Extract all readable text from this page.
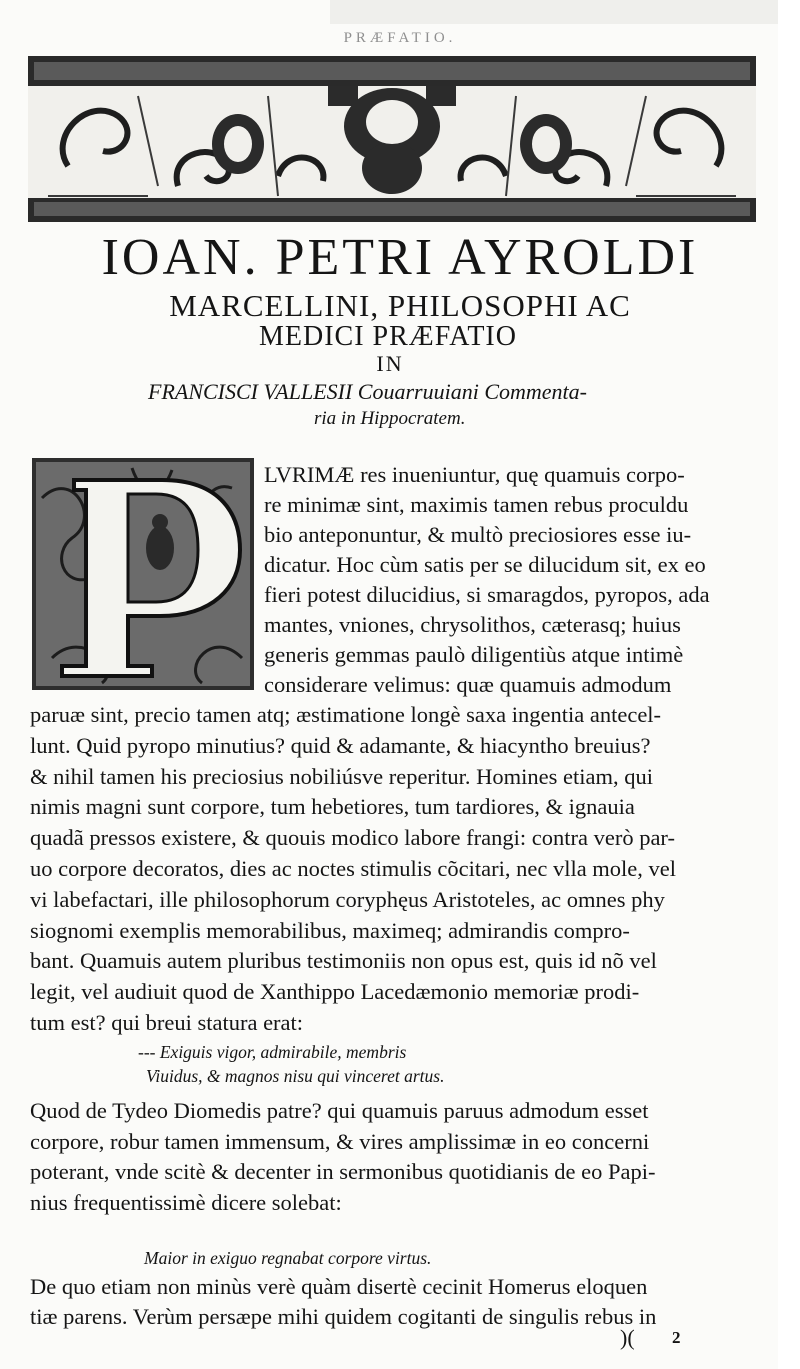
PRÆFATIO.
IOAN. PETRI AYROLDI
MARCELLINI, PHILOSOPHI AC
MEDICI PRÆFATIO
IN
FRANCISCI VALLESII Couarruuiani Commenta-
ria in Hippocratem.
LVRIMÆ res inueniuntur, quę quamuis corpo-
re minimæ sint, maximis tamen rebus proculdu
bio anteponuntur, & multò preciosiores esse iu-
dicatur. Hoc cùm satis per se dilucidum sit, ex eo
fieri potest dilucidius, si smaragdos, pyropos, ada
mantes, vniones, chrysolithos, cæterasq; huius
generis gemmas paulò diligentiùs atque intimè
considerare velimus: quæ quamuis admodum
paruæ sint, precio tamen atq; æstimatione longè saxa ingentia antecel-
lunt. Quid pyropo minutius? quid & adamante, & hiacyntho breuius?
& nihil tamen his preciosius nobiliúsve reperitur. Homines etiam, qui
nimis magni sunt corpore, tum hebetiores, tum tardiores, & ignauia
quadã pressos existere, & quouis modico labore frangi: contra verò par-
uo corpore decoratos, dies ac noctes stimulis cõcitari, nec vlla mole, vel
vi labefactari, ille philosophorum coryphęus Aristoteles, ac omnes phy
siognomi exemplis memorabilibus, maximeq; admirandis compro-
bant. Quamuis autem pluribus testimoniis non opus est, quis id nõ vel
legit, vel audiuit quod de Xanthippo Lacedæmonio memoriæ prodi-
tum est? qui breui statura erat:
--- Exiguis vigor, admirabile, membris
Viuidus, & magnos nisu qui vinceret artus.
Quod de Tydeo Diomedis patre? qui quamuis paruus admodum esset
corpore, robur tamen immensum, & vires amplissimæ in eo concerni
poterant, vnde scitè & decenter in sermonibus quotidianis de eo Papi-
nius frequentissimè dicere solebat:
Maior in exiguo regnabat corpore virtus.
De quo etiam non minùs verè quàm disertè cecinit Homerus eloquen
tiæ parens. Verùm persæpe mihi quidem cogitanti de singulis rebus in
)( 2
